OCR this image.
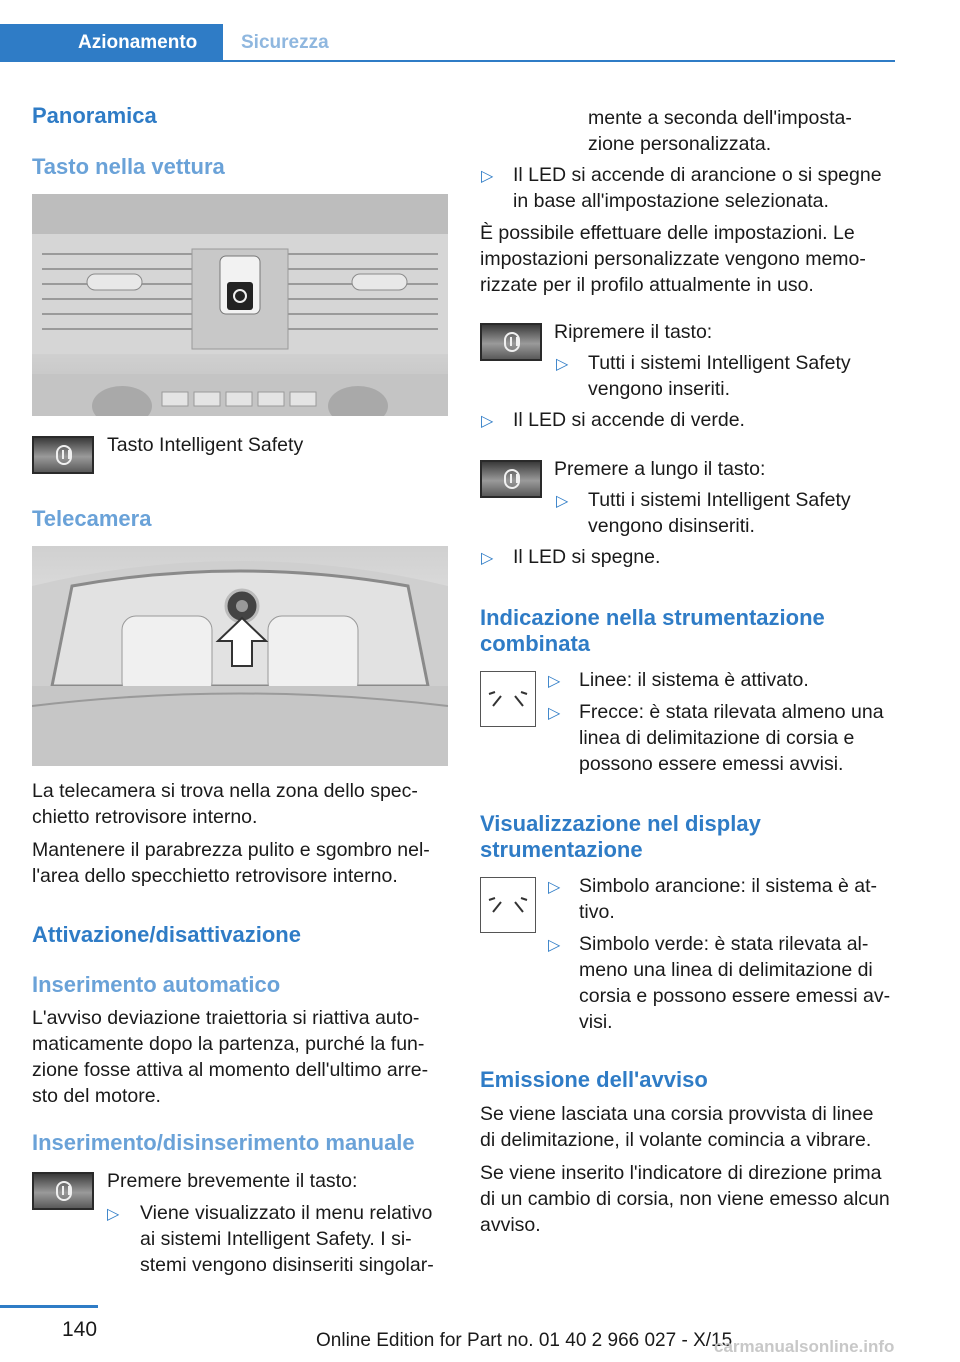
Azionamento	Sicurezza
Panoramica
Tasto nella vettura
Tasto Intelligent Safety
Telecamera
La telecamera si trova nella zona dello spec-
chietto retrovisore interno.
Mantenere il parabrezza pulito e sgombro nel-
l'area dello specchietto retrovisore interno.
Attivazione/disattivazione
Inserimento automatico
L'avviso deviazione traiettoria si riattiva auto-
maticamente dopo la partenza, purché la fun-
zione fosse attiva al momento dell'ultimo arre-
sto del motore.
Inserimento/disinserimento manuale
Premere brevemente il tasto:
▷ Viene visualizzato il menu relativo
ai sistemi Intelligent Safety. I si-
stemi vengono disinseriti singolar-
mente a seconda dell'imposta-
zione personalizzata.
▷ Il LED si accende di arancione o si spegne
in base all'impostazione selezionata.
È possibile effettuare delle impostazioni. Le
impostazioni personalizzate vengono memo-
rizzate per il profilo attualmente in uso.
Ripremere il tasto:
▷ Tutti i sistemi Intelligent Safety
vengono inseriti.
▷ Il LED si accende di verde.
Premere a lungo il tasto:
▷ Tutti i sistemi Intelligent Safety
vengono disinseriti.
▷ Il LED si spegne.
Indicazione nella strumentazione
combinata
▷ Linee: il sistema è attivato.
▷ Frecce: è stata rilevata almeno una
linea di delimitazione di corsia e
possono essere emessi avvisi.
Visualizzazione nel display
strumentazione
▷ Simbolo arancione: il sistema è at-
tivo.
▷ Simbolo verde: è stata rilevata al-
meno una linea di delimitazione di
corsia e possono essere emessi av-
visi.
Emissione dell'avviso
Se viene lasciata una corsia provvista di linee
di delimitazione, il volante comincia a vibrare.
Se viene inserito l'indicatore di direzione prima
di un cambio di corsia, non viene emesso alcun
avviso.
140	Online Edition for Part no. 01 40 2 966 027 - X/15
carmanualsonline.info
